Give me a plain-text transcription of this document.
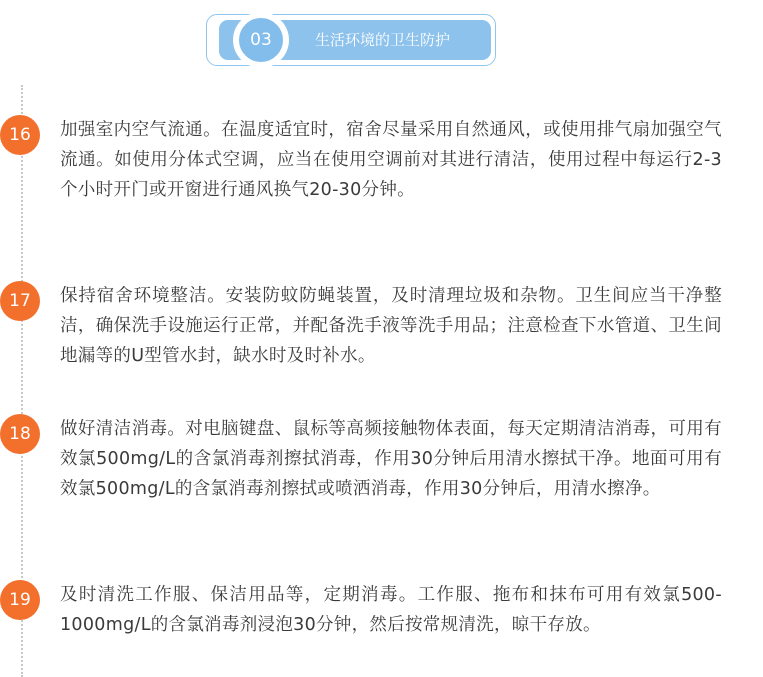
03	生活环境的卫生防护
16	加强室内空气流通。在温度适宜时，宿舍尽量采用自然通风，或使用排气扇加强空气流通。如使用分体式空调，应当在使用空调前对其进行清洁，使用过程中每运行2-3个小时开门或开窗进行通风换气20-30分钟。

17	保持宿舍环境整洁。安装防蚊防蝇装置，及时清理垃圾和杂物。卫生间应当干净整洁，确保洗手设施运行正常，并配备洗手液等洗手用品；注意检查下水管道、卫生间地漏等的U型管水封，缺水时及时补水。

18	做好清洁消毒。对电脑键盘、鼠标等高频接触物体表面，每天定期清洁消毒，可用有效氯500mg/L的含氯消毒剂擦拭消毒，作用30分钟后用清水擦拭干净。地面可用有效氯500mg/L的含氯消毒剂擦拭或喷洒消毒，作用30分钟后，用清水擦净。

19	及时清洗工作服、保洁用品等，定期消毒。工作服、拖布和抹布可用有效氯500-1000mg/L的含氯消毒剂浸泡30分钟，然后按常规清洗，晾干存放。
